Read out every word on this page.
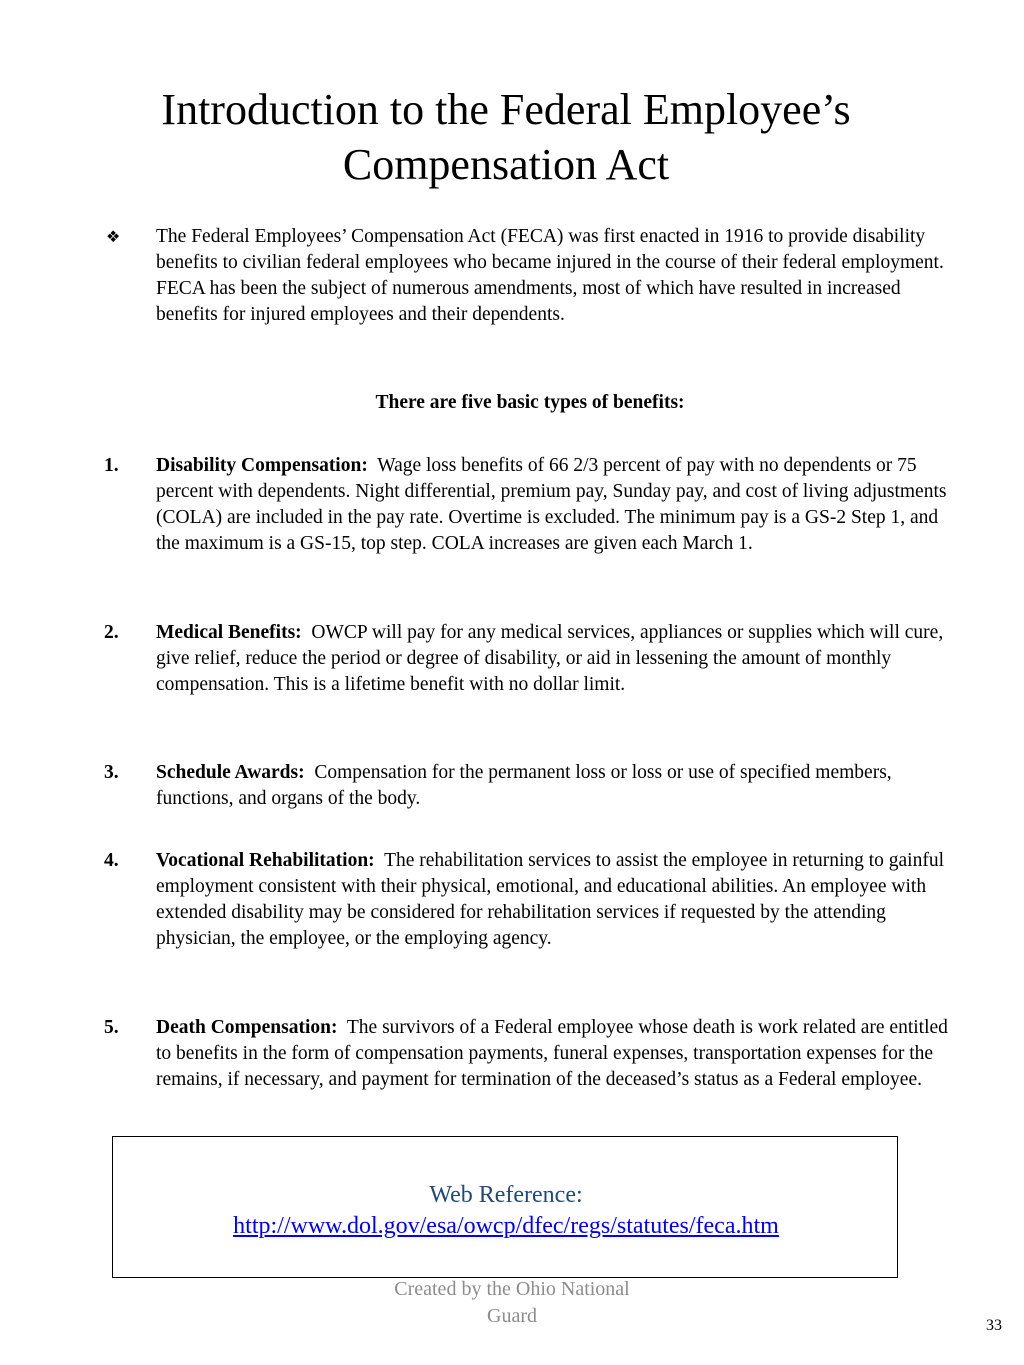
Introduction to the Federal Employee’s
Compensation Act
❖	The Federal Employees’ Compensation Act (FECA) was first enacted in 1916 to provide disability benefits to civilian federal employees who became injured in the course of their federal employment. FECA has been the subject of numerous amendments, most of which have resulted in increased benefits for injured employees and their dependents.
There are five basic types of benefits:
1. Disability Compensation: Wage loss benefits of 66 2/3 percent of pay with no dependents or 75 percent with dependents. Night differential, premium pay, Sunday pay, and cost of living adjustments (COLA) are included in the pay rate. Overtime is excluded. The minimum pay is a GS-2 Step 1, and the maximum is a GS-15, top step. COLA increases are given each March 1.
2. Medical Benefits: OWCP will pay for any medical services, appliances or supplies which will cure, give relief, reduce the period or degree of disability, or aid in lessening the amount of monthly compensation. This is a lifetime benefit with no dollar limit.
3. Schedule Awards: Compensation for the permanent loss or loss or use of specified members, functions, and organs of the body.
4. Vocational Rehabilitation: The rehabilitation services to assist the employee in returning to gainful employment consistent with their physical, emotional, and educational abilities. An employee with extended disability may be considered for rehabilitation services if requested by the attending physician, the employee, or the employing agency.
5. Death Compensation: The survivors of a Federal employee whose death is work related are entitled to benefits in the form of compensation payments, funeral expenses, transportation expenses for the remains, if necessary, and payment for termination of the deceased’s status as a Federal employee.
Web Reference:
http://www.dol.gov/esa/owcp/dfec/regs/statutes/feca.htm
Created by the Ohio National
Guard	33
